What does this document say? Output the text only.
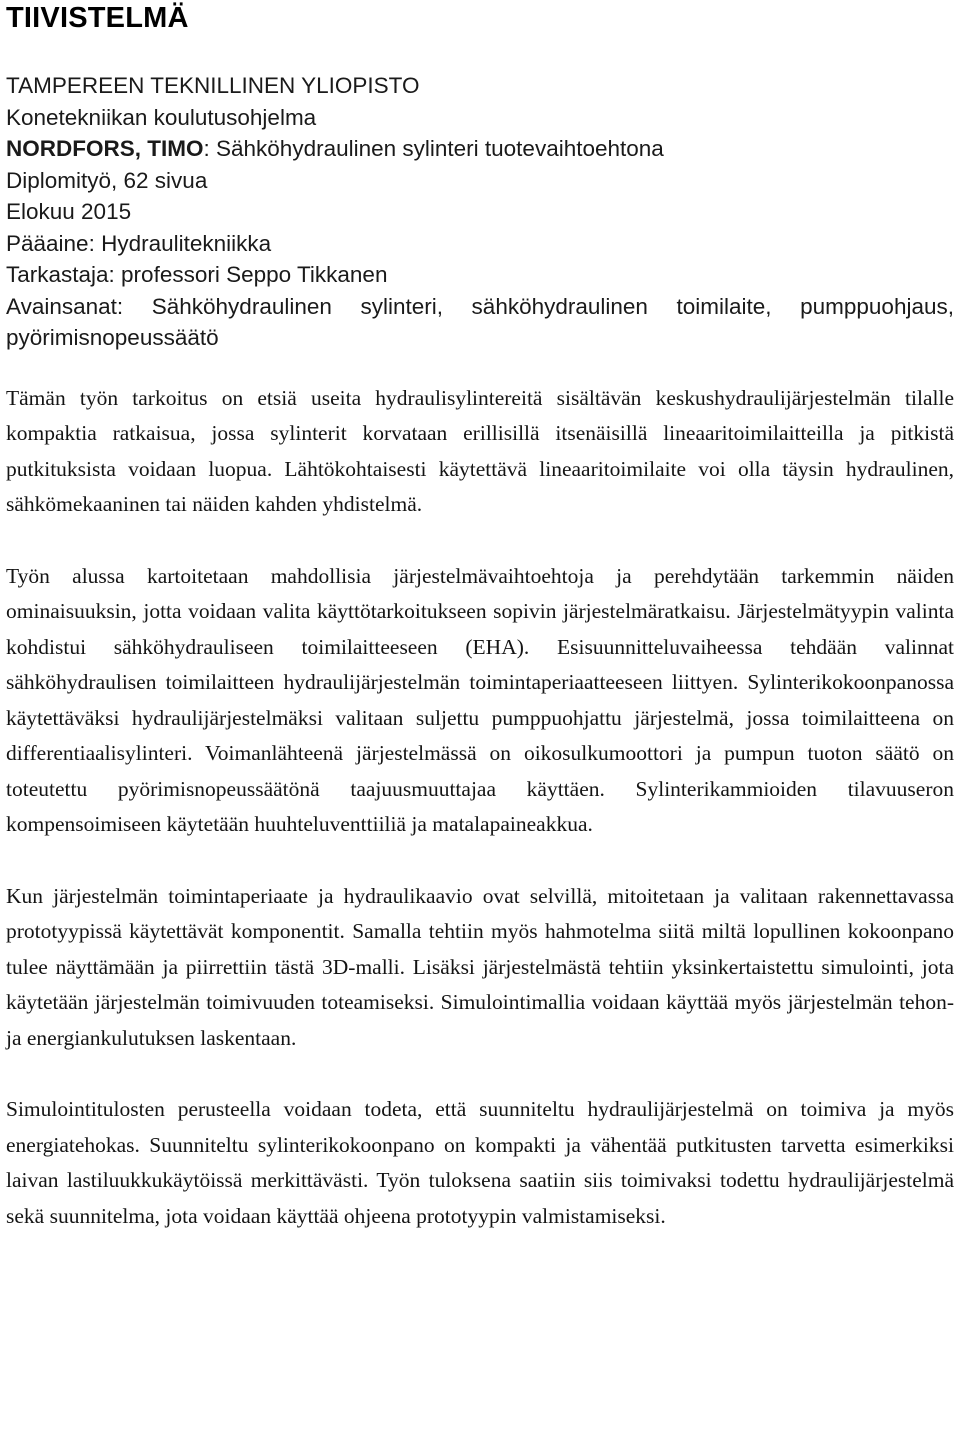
TIIVISTELMÄ
TAMPEREEN TEKNILLINEN YLIOPISTO
Konetekniikan koulutusohjelma
NORDFORS, TIMO: Sähköhydraulinen sylinteri tuotevaihtoehtona
Diplomityö, 62 sivua
Elokuu 2015
Pääaine: Hydraulitekniikka
Tarkastaja: professori Seppo Tikkanen
Avainsanat: Sähköhydraulinen sylinteri, sähköhydraulinen toimilaite, pumppuohjaus, pyörimisnopeussäätö

Tämän työn tarkoitus on etsiä useita hydraulisylintereitä sisältävän keskushydraulijärjestelmän tilalle kompaktia ratkaisua, jossa sylinterit korvataan erillisillä itsenäisillä lineaaritoimilaitteilla ja pitkistä putkituksista voidaan luopua. Lähtökohtaisesti käytettävä lineaaritoimilaite voi olla täysin hydraulinen, sähkömekaaninen tai näiden kahden yhdistelmä.

Työn alussa kartoitetaan mahdollisia järjestelmävaihtoehtoja ja perehdytään tarkemmin näiden ominaisuuksin, jotta voidaan valita käyttötarkoitukseen sopivin järjestelmäratkaisu. Järjestelmätyypin valinta kohdistui sähköhydrauliseen toimilaitteeseen (EHA). Esisuunnitteluvaiheessa tehdään valinnat sähköhydraulisen toimilaitteen hydraulijärjestelmän toimintaperiaatteeseen liittyen. Sylinterikokoonpanossa käytettäväksi hydraulijärjestelmäksi valitaan suljettu pumppuohjattu järjestelmä, jossa toimilaitteena on differentiaalisylinteri. Voimanlähteenä järjestelmässä on oikosulkumoottori ja pumpun tuoton säätö on toteutettu pyörimisnopeussäätönä taajuusmuuttajaa käyttäen. Sylinterikammioiden tilavuuseron kompensoimiseen käytetään huuhteluventtiiliä ja matalapaineakkua.

Kun järjestelmän toimintaperiaate ja hydraulikaavio ovat selvillä, mitoitetaan ja valitaan rakennettavassa prototyypissä käytettävät komponentit. Samalla tehtiin myös hahmotelma siitä miltä lopullinen kokoonpano tulee näyttämään ja piirrettiin tästä 3D-malli. Lisäksi järjestelmästä tehtiin yksinkertaistettu simulointi, jota käytetään järjestelmän toimivuuden toteamiseksi. Simulointimallia voidaan käyttää myös järjestelmän tehon- ja energiankulutuksen laskentaan.

Simulointitulosten perusteella voidaan todeta, että suunniteltu hydraulijärjestelmä on toimiva ja myös energiatehokas. Suunniteltu sylinterikokoonpano on kompakti ja vähentää putkitusten tarvetta esimerkiksi laivan lastiluukkukäytöissä merkittävästi. Työn tuloksena saatiin siis toimivaksi todettu hydraulijärjestelmä sekä suunnitelma, jota voidaan käyttää ohjeena prototyypin valmistamiseksi.
